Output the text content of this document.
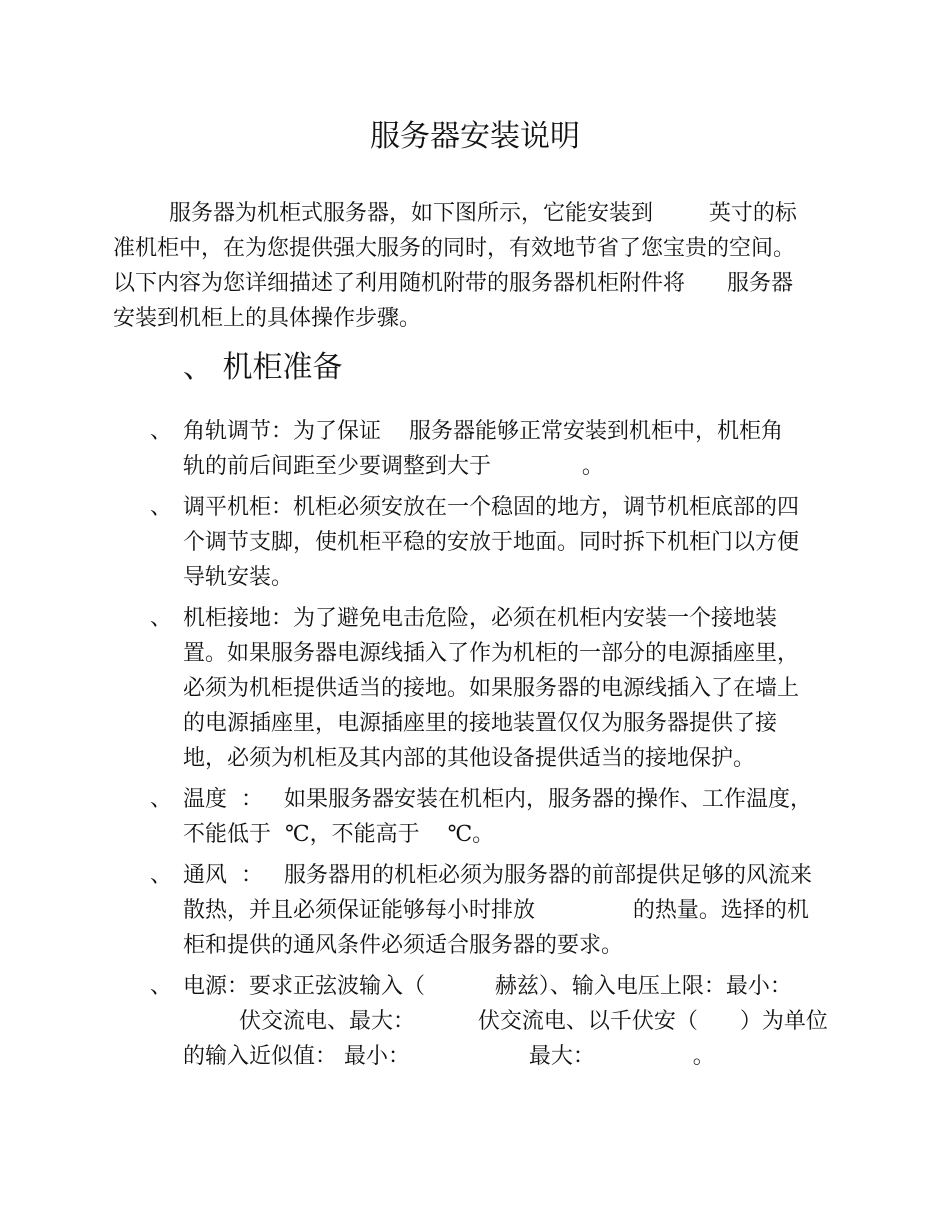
服务器安装说明
服务器为机柜式服务器，如下图所示，它能安装到        英寸的标
准机柜中，在为您提供强大服务的同时，有效地节省了您宝贵的空间。
以下内容为您详细描述了利用随机附带的服务器机柜附件将      服务器
安装到机柜上的具体操作步骤。
、 机柜准备
、 角轨调节：为了保证    服务器能够正常安装到机柜中，机柜角
轨的前后间距至少要调整到大于             。
、 调平机柜：机柜必须安放在一个稳固的地方，调节机柜底部的四
个调节支脚，使机柜平稳的安放于地面。同时拆下机柜门以方便
导轨安装。
、 机柜接地：为了避免电击危险，必须在机柜内安装一个接地装
置。如果服务器电源线插入了作为机柜的一部分的电源插座里，
必须为机柜提供适当的接地。如果服务器的电源线插入了在墙上
的电源插座里，电源插座里的接地装置仅仅为服务器提供了接
地，必须为机柜及其内部的其他设备提供适当的接地保护。
、 温度  ：   如果服务器安装在机柜内，服务器的操作、工作温度，
不能低于  ℃，不能高于    ℃。
、 通风  ：   服务器用的机柜必须为服务器的前部提供足够的风流来
散热，并且必须保证能够每小时排放              的热量。选择的机
柜和提供的通风条件必须适合服务器的要求。
、 电源：要求正弦波输入（          赫兹）、输入电压上限：最小：
伏交流电、最大：         伏交流电、以千伏安（      ）为单位
的输入近似值： 最小：                 最大：              。
